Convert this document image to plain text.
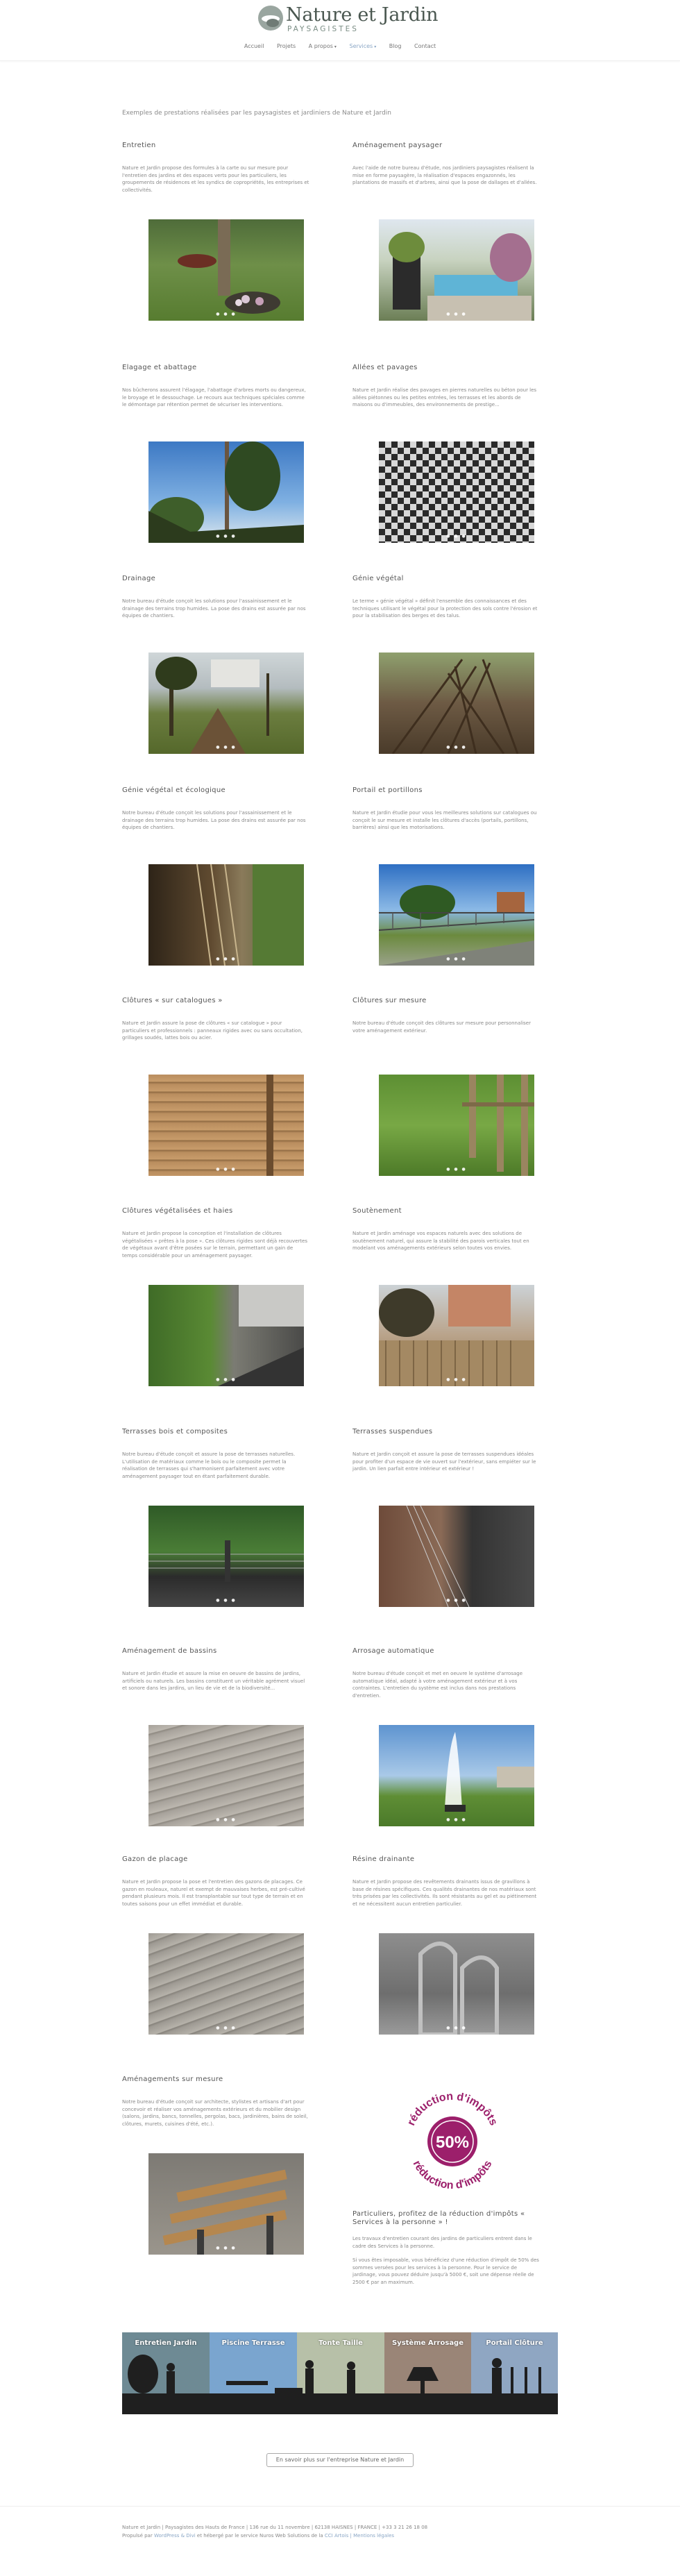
Nature et Jardin
PAYSAGISTES
Accueil Projets A propos ▾ Services ▾ Blog Contact
Exemples de prestations réalisées par les paysagistes et jardiniers de Nature et Jardin
Entretien

Nature et Jardin propose des formules à la carte ou sur mesure pour l'entretien des jardins et des espaces verts pour les particuliers, les groupements de résidences et les syndics de copropriétés, les entreprises et collectivités.

● ● ●
Aménagement paysager

Avec l'aide de notre bureau d'étude, nos jardiniers paysagistes réalisent la mise en forme paysagère, la réalisation d'espaces engazonnés, les plantations de massifs et d'arbres, ainsi que la pose de dallages et d'allées.

● ● ●
Elagage et abattage

Nos bûcherons assurent l'élagage, l'abattage d'arbres morts ou dangereux, le broyage et le dessouchage. Le recours aux techniques spéciales comme le démontage par rétention permet de sécuriser les interventions.

● ● ●
Allées et pavages

Nature et Jardin réalise des pavages en pierres naturelles ou béton pour les allées piétonnes ou les petites entrées, les terrasses et les abords de maisons ou d'immeubles, des environnements de prestige...

● ● ●
Drainage

Notre bureau d'étude conçoit les solutions pour l'assainissement et le drainage des terrains trop humides. La pose des drains est assurée par nos équipes de chantiers.

● ● ●
Génie végétal

Le terme « génie végétal » définit l'ensemble des connaissances et des techniques utilisant le végétal pour la protection des sols contre l'érosion et pour la stabilisation des berges et des talus.

● ● ●
Génie végétal et écologique

Notre bureau d'étude conçoit les solutions pour l'assainissement et le drainage des terrains trop humides. La pose des drains est assurée par nos équipes de chantiers.

● ● ●
Portail et portillons

Nature et Jardin étudie pour vous les meilleures solutions sur catalogues ou conçoit le sur mesure et installe les clôtures d'accès (portails, portillons, barrières) ainsi que les motorisations.

● ● ●
Clôtures « sur catalogues »

Nature et Jardin assure la pose de clôtures « sur catalogue » pour particuliers et professionnels : panneaux rigides avec ou sans occultation, grillages soudés, lattes bois ou acier.

● ● ●
Clôtures sur mesure

Notre bureau d'étude conçoit des clôtures sur mesure pour personnaliser votre aménagement extérieur.

● ● ●
Clôtures végétalisées et haies

Nature et Jardin propose la conception et l'installation de clôtures végétalisées « prêtes à la pose ». Ces clôtures rigides sont déjà recouvertes de végétaux avant d'être posées sur le terrain, permettant un gain de temps considérable pour un aménagement paysager.

● ● ●
Soutènement

Nature et Jardin aménage vos espaces naturels avec des solutions de soutènement naturel, qui assure la stabilité des parois verticales tout en modelant vos aménagements extérieurs selon toutes vos envies.

● ● ●
Terrasses bois et composites

Notre bureau d'étude conçoit et assure la pose de terrasses naturelles. L'utilisation de matériaux comme le bois ou le composite permet la réalisation de terrasses qui s'harmonisent parfaitement avec votre aménagement paysager tout en étant parfaitement durable.

● ● ●
Terrasses suspendues

Nature et Jardin conçoit et assure la pose de terrasses suspendues idéales pour profiter d'un espace de vie ouvert sur l'extérieur, sans empiéter sur le jardin. Un lien parfait entre intérieur et extérieur !

● ● ●
Aménagement de bassins

Nature et Jardin étudie et assure la mise en oeuvre de bassins de jardins, artificiels ou naturels. Les bassins constituent un véritable agrément visuel et sonore dans les jardins, un lieu de vie et de la biodiversité...

● ● ●
Arrosage automatique

Notre bureau d'étude conçoit et met en oeuvre le système d'arrosage automatique idéal, adapté à votre aménagement extérieur et à vos contraintes. L'entretien du système est inclus dans nos prestations d'entretien.

● ● ●
Gazon de placage

Nature et Jardin propose la pose et l'entretien des gazons de placages. Ce gazon en rouleaux, naturel et exempt de mauvaises herbes, est pré-cultivé pendant plusieurs mois. Il est transplantable sur tout type de terrain et en toutes saisons pour un effet immédiat et durable.

● ● ●
Résine drainante

Nature et Jardin propose des revêtements drainants issus de gravillons à base de résines spécifiques. Ces qualités drainantes de nos matériaux sont très prisées par les collectivités. Ils sont résistants au gel et au piétinement et ne nécessitent aucun entretien particulier.

● ● ●
Aménagements sur mesure

Notre bureau d'étude conçoit sur architecte, stylistes et artisans d'art pour concevoir et réaliser vos aménagements extérieurs et du mobilier design (salons, jardins, bancs, tonnelles, pergolas, bacs, jardinières, bains de soleil, clôtures, murets, cuisines d'été, etc.).

● ● ●
50%
réduction d'impôts
réduction d'impôts
Particuliers, profitez de la réduction d'impôts « Services à la personne » !

Les travaux d'entretien courant des jardins de particuliers entrent dans le cadre des Services à la personne.

Si vous êtes imposable, vous bénéficiez d'une réduction d'impôt de 50% des sommes versées pour les services à la personne. Pour le service de jardinage, vous pouvez déduire jusqu'à 5000 €, soit une dépense réelle de 2500 € par an maximum.

Entretien Jardin	Piscine Terrasse	Tonte Taille	Système Arrosage	Portail Clôture
En savoir plus sur l'entreprise Nature et Jardin
Nature et Jardin | Paysagistes des Hauts de France | 136 rue du 11 novembre | 62138 HAISNES | FRANCE | +33 3 21 26 18 08
Propulsé par WordPress & Divi et hébergé par le service Nuros Web Solutions de la CCI Artois | Mentions légales
